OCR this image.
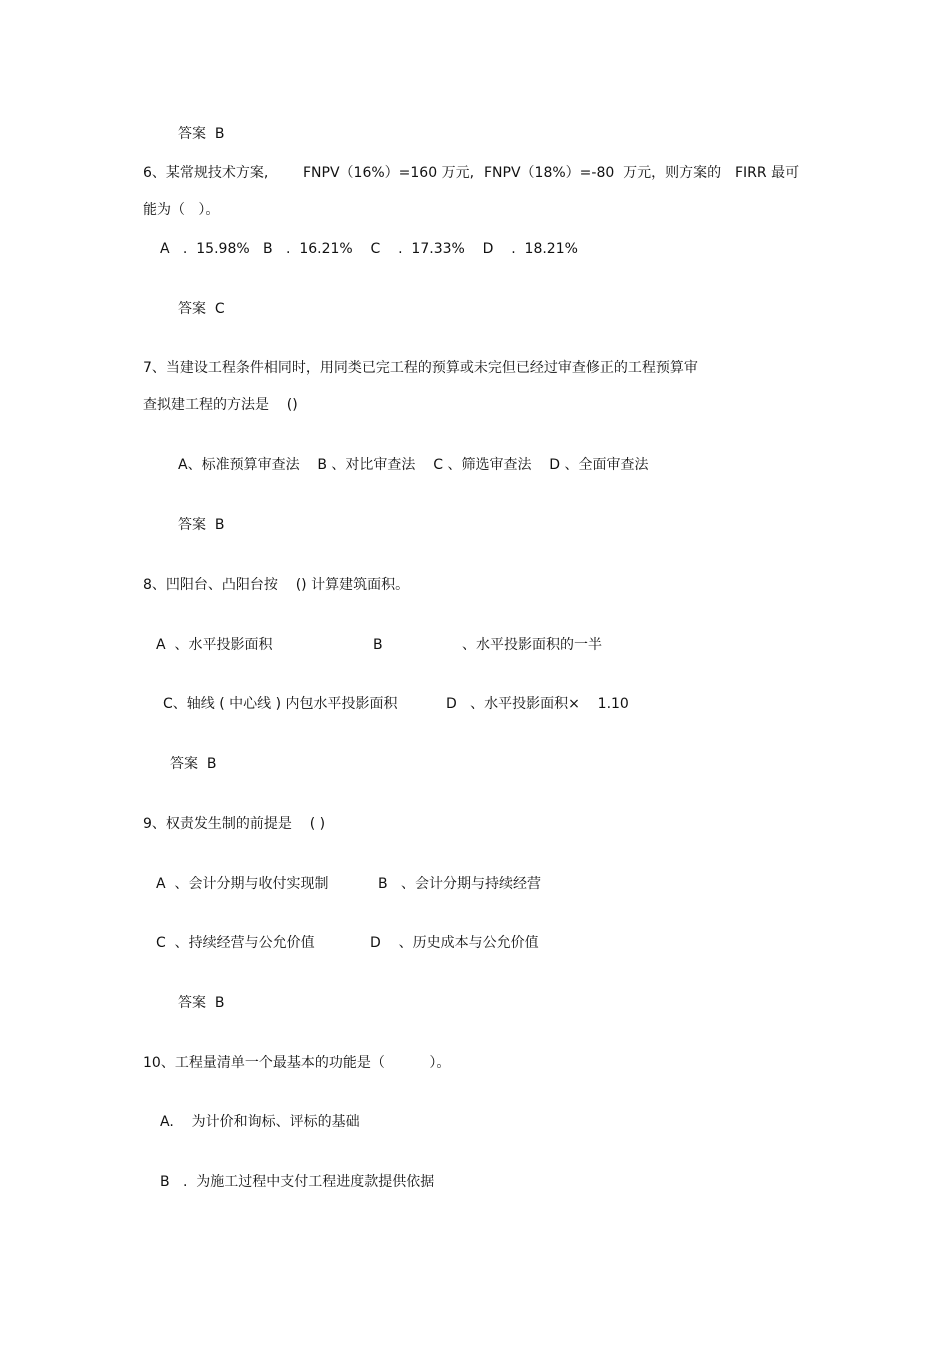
答案  B

6、某常规技术方案,

FNPV（16%）=160 万元,

FNPV（18%）=-80  万元，则方案的

FIRR 最可

能为（   ）。
A   .  15.98%   B   .  16.21%    C    .  17.33%    D    .  18.21%
答案  C
7、当建设工程条件相同时，用同类已完工程的预算或未完但已经过审查修正的工程预算审
查拟建工程的方法是    ()
A、标准预算审查法    B 、对比审查法    C 、筛选审查法    D 、全面审查法
答案  B
8、凹阳台、凸阳台按    () 计算建筑面积。
A  、水平投影面积	B	、水平投影面积的一半
C、轴线 ( 中心线 ) 内包水平投影面积	D   、水平投影面积×    1.10
答案  B
9、权责发生制的前提是    ( )
A  、会计分期与收付实现制	B   、会计分期与持续经营
C  、持续经营与公允价值	D    、历史成本与公允价值
答案  B
10、工程量清单一个最基本的功能是（          ）。
A.    为计价和询标、评标的基础
B   .  为施工过程中支付工程进度款提供依据
